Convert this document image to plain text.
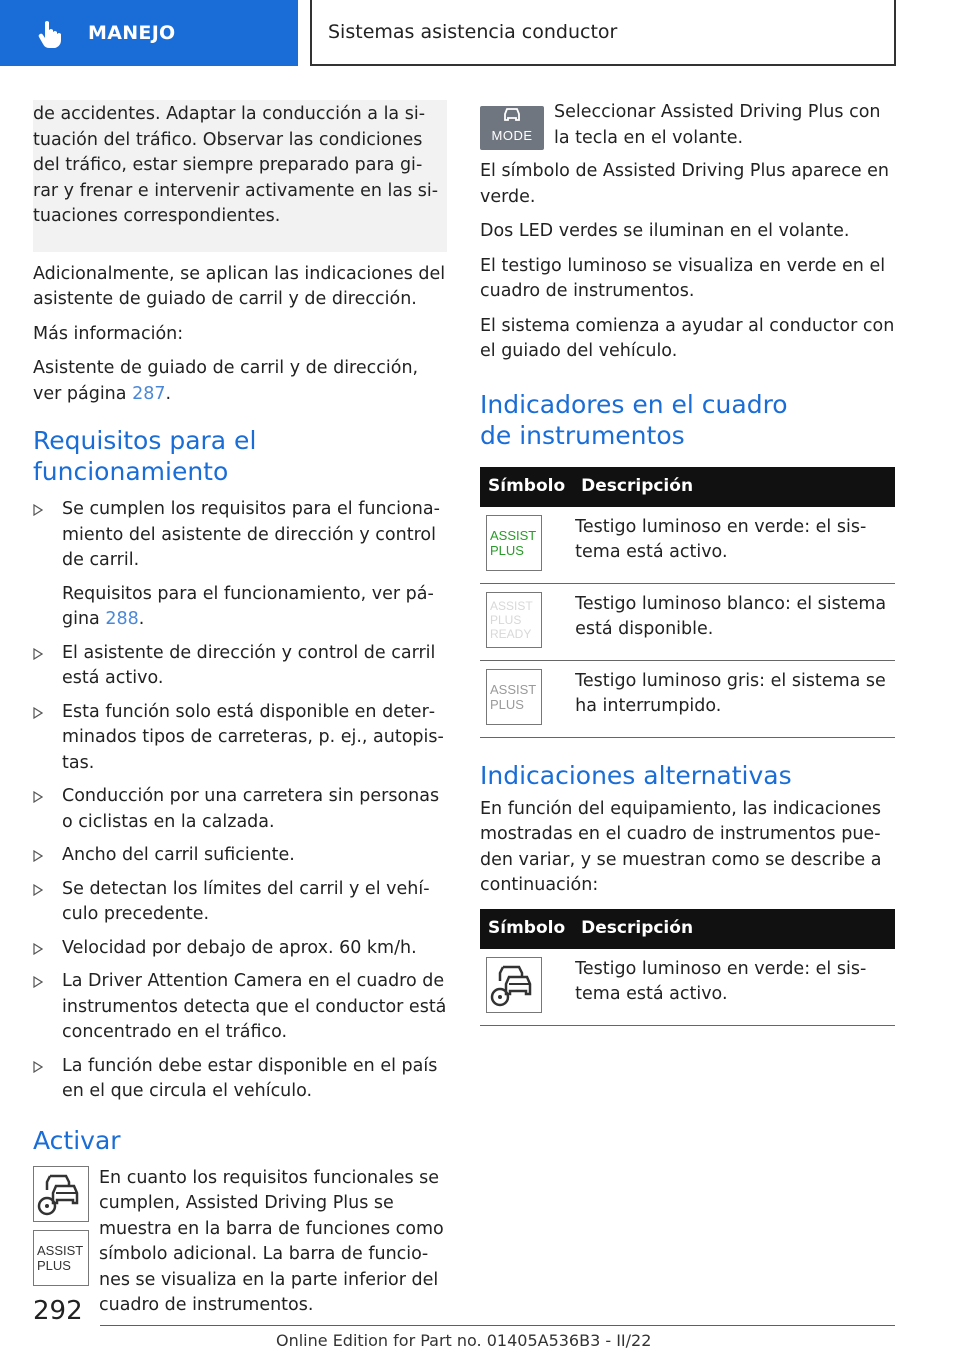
MANEJO	Sistemas asistencia conductor

de accidentes. Adaptar la conducción a la situación del tráfico. Observar las condiciones del tráfico, estar siempre preparado para girar y frenar e intervenir activamente en las situaciones correspondientes.

Adicionalmente, se aplican las indicaciones del asistente de guiado de carril y de dirección.

Más información:

Asistente de guiado de carril y de dirección, ver página 287.

Requisitos para el funcionamiento
Se cumplen los requisitos para el funcionamiento del asistente de dirección y control de carril.
Requisitos para el funcionamiento, ver página 288.
El asistente de dirección y control de carril está activo.
Esta función solo está disponible en determinados tipos de carreteras, p. ej., autopistas.
Conducción por una carretera sin personas o ciclistas en la calzada.
Ancho del carril suficiente.
Se detectan los límites del carril y el vehículo precedente.
Velocidad por debajo de aprox. 60 km/h.
La Driver Attention Camera en el cuadro de instrumentos detecta que el conductor está concentrado en el tráfico.
La función debe estar disponible en el país en el que circula el vehículo.
Activar
ASSIST
PLUS

En cuanto los requisitos funcionales se cumplen, Assisted Driving Plus se muestra en la barra de funciones como símbolo adicional. La barra de funciones se visualiza en la parte inferior del cuadro de instrumentos.

MODE

Seleccionar Assisted Driving Plus con la tecla en el volante.

El símbolo de Assisted Driving Plus aparece en verde.

Dos LED verdes se iluminan en el volante.

El testigo luminoso se visualiza en verde en el cuadro de instrumentos.

El sistema comienza a ayudar al conductor con el guiado del vehículo.

Indicadores en el cuadro
de instrumentos
Símbolo	Descripción

ASSIST
PLUS	Testigo luminoso en verde: el sistema está activo.

ASSIST
PLUS
READY	Testigo luminoso blanco: el sistema está disponible.

ASSIST
PLUS	Testigo luminoso gris: el sistema se ha interrumpido.
Indicaciones alternativas

En función del equipamiento, las indicaciones mostradas en el cuadro de instrumentos pueden variar, y se muestran como se describe a continuación:

Símbolo	Descripción

	Testigo luminoso en verde: el sistema está activo.
292
Online Edition for Part no. 01405A536B3 - II/22
